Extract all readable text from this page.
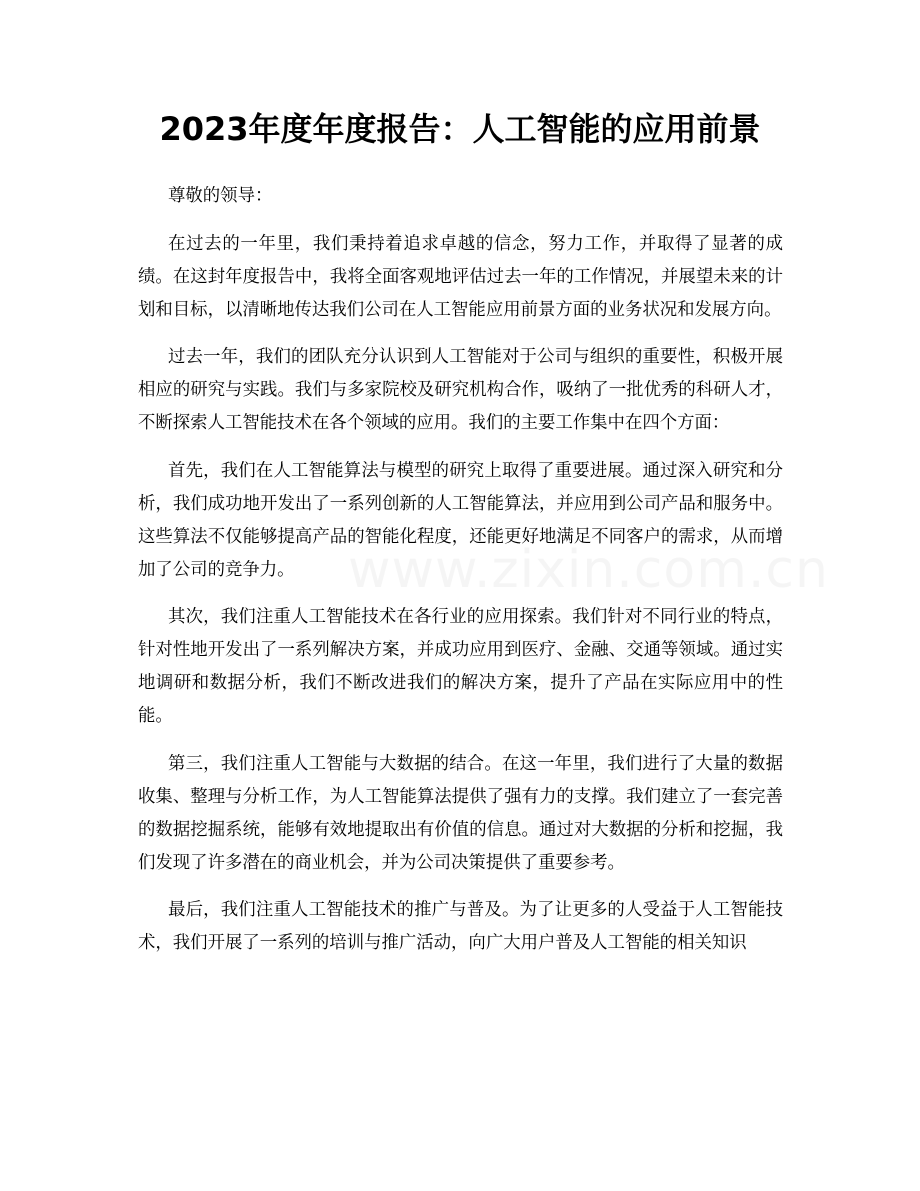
2023年度年度报告：人工智能的应用前景

尊敬的领导：

在过去的一年里，我们秉持着追求卓越的信念，努力工作，并取得了显著的成绩。在这封年度报告中，我将全面客观地评估过去一年的工作情况，并展望未来的计划和目标，以清晰地传达我们公司在人工智能应用前景方面的业务状况和发展方向。

过去一年，我们的团队充分认识到人工智能对于公司与组织的重要性，积极开展相应的研究与实践。我们与多家院校及研究机构合作，吸纳了一批优秀的科研人才，不断探索人工智能技术在各个领域的应用。我们的主要工作集中在四个方面：

首先，我们在人工智能算法与模型的研究上取得了重要进展。通过深入研究和分析，我们成功地开发出了一系列创新的人工智能算法，并应用到公司产品和服务中。这些算法不仅能够提高产品的智能化程度，还能更好地满足不同客户的需求，从而增加了公司的竞争力。

其次，我们注重人工智能技术在各行业的应用探索。我们针对不同行业的特点，针对性地开发出了一系列解决方案，并成功应用到医疗、金融、交通等领域。通过实地调研和数据分析，我们不断改进我们的解决方案，提升了产品在实际应用中的性能。

第三，我们注重人工智能与大数据的结合。在这一年里，我们进行了大量的数据收集、整理与分析工作，为人工智能算法提供了强有力的支撑。我们建立了一套完善的数据挖掘系统，能够有效地提取出有价值的信息。通过对大数据的分析和挖掘，我们发现了许多潜在的商业机会，并为公司决策提供了重要参考。

最后，我们注重人工智能技术的推广与普及。为了让更多的人受益于人工智能技术，我们开展了一系列的培训与推广活动，向广大用户普及人工智能的相关知识

www.zixin.com.cn
